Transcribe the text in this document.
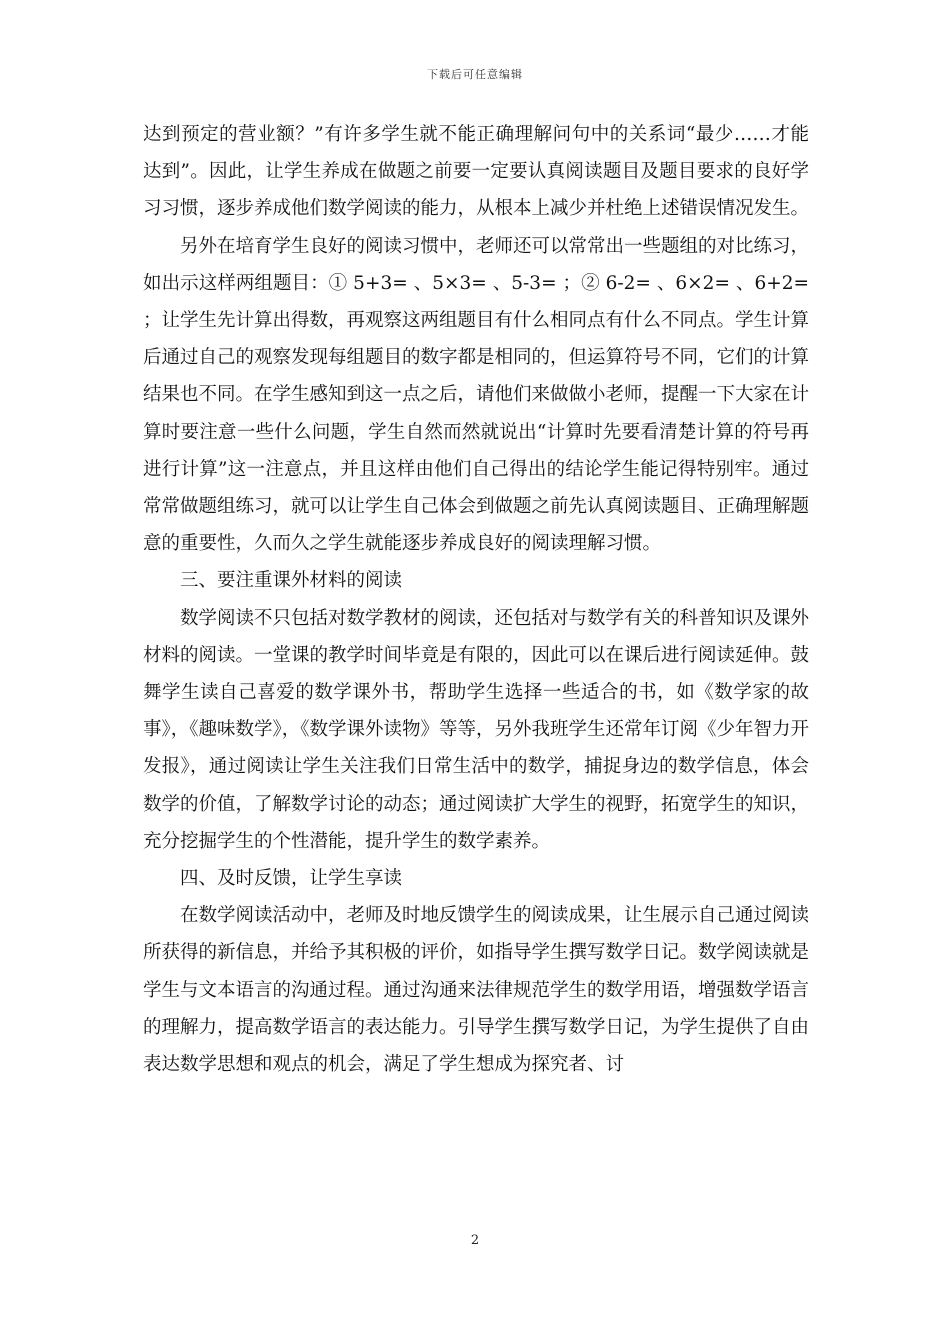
下载后可任意编辑

达到预定的营业额？”有许多学生就不能正确理解问句中的关系词“最少……才能达到”。因此，让学生养成在做题之前要一定要认真阅读题目及题目要求的良好学习习惯，逐步养成他们数学阅读的能力，从根本上减少并杜绝上述错误情况发生。

另外在培育学生良好的阅读习惯中，老师还可以常常出一些题组的对比练习，如出示这样两组题目：① 5+3= 、5×3= 、5-3= ；② 6-2= 、6×2= 、6+2= ；让学生先计算出得数，再观察这两组题目有什么相同点有什么不同点。学生计算后通过自己的观察发现每组题目的数字都是相同的，但运算符号不同，它们的计算结果也不同。在学生感知到这一点之后，请他们来做做小老师，提醒一下大家在计算时要注意一些什么问题，学生自然而然就说出“计算时先要看清楚计算的符号再进行计算”这一注意点，并且这样由他们自己得出的结论学生能记得特别牢。通过常常做题组练习，就可以让学生自己体会到做题之前先认真阅读题目、正确理解题意的重要性，久而久之学生就能逐步养成良好的阅读理解习惯。

三、要注重课外材料的阅读

数学阅读不只包括对数学教材的阅读，还包括对与数学有关的科普知识及课外材料的阅读。一堂课的教学时间毕竟是有限的，因此可以在课后进行阅读延伸。鼓舞学生读自己喜爱的数学课外书，帮助学生选择一些适合的书，如《数学家的故事》，《趣味数学》，《数学课外读物》等等，另外我班学生还常年订阅《少年智力开发报》，通过阅读让学生关注我们日常生活中的数学，捕捉身边的数学信息，体会数学的价值，了解数学讨论的动态；通过阅读扩大学生的视野，拓宽学生的知识，充分挖掘学生的个性潜能，提升学生的数学素养。

四、及时反馈，让学生享读

在数学阅读活动中，老师及时地反馈学生的阅读成果，让生展示自己通过阅读所获得的新信息，并给予其积极的评价，如指导学生撰写数学日记。数学阅读就是学生与文本语言的沟通过程。通过沟通来法律规范学生的数学用语，增强数学语言的理解力，提高数学语言的表达能力。引导学生撰写数学日记，为学生提供了自由表达数学思想和观点的机会，满足了学生想成为探究者、讨

2
